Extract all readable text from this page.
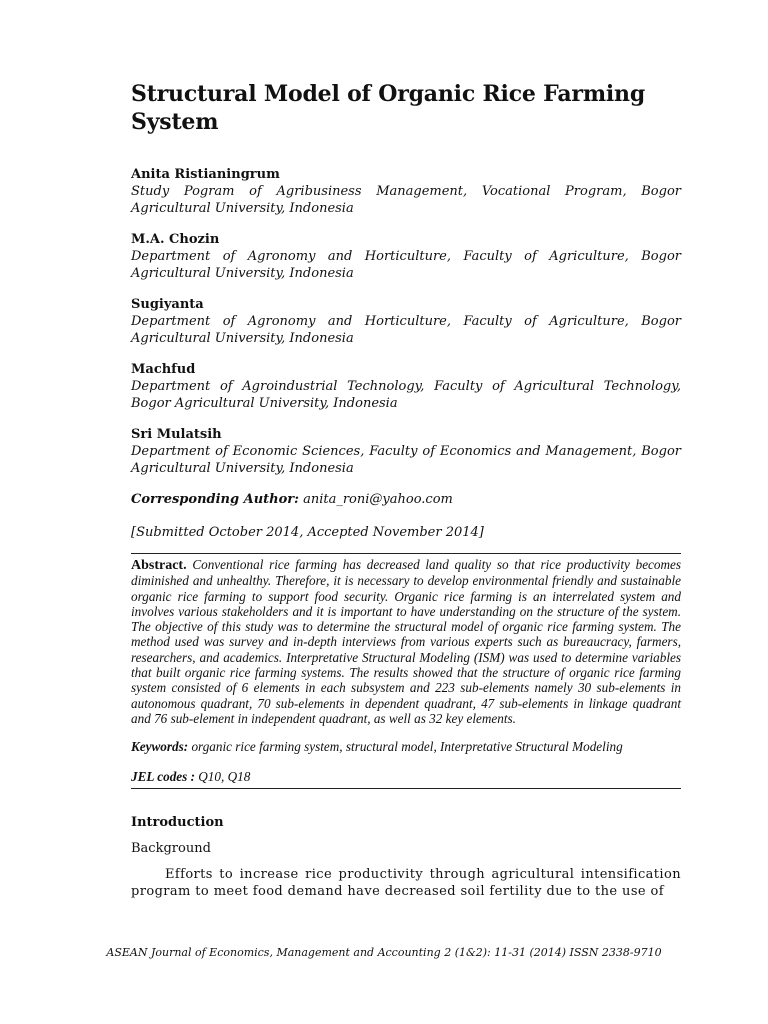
Structural Model of Organic Rice Farming System
Anita Ristianingrum
Study Pogram of Agribusiness Management, Vocational Program, Bogor Agricultural University, Indonesia
M.A. Chozin
Department of Agronomy and Horticulture, Faculty of Agriculture, Bogor Agricultural University, Indonesia
Sugiyanta
Department of Agronomy and Horticulture, Faculty of Agriculture, Bogor Agricultural University, Indonesia
Machfud
Department of Agroindustrial Technology, Faculty of Agricultural Technology, Bogor Agricultural University, Indonesia
Sri Mulatsih
Department of Economic Sciences, Faculty of Economics and Management, Bogor Agricultural University, Indonesia
Corresponding Author: anita_roni@yahoo.com
[Submitted October 2014, Accepted November 2014]
Abstract. Conventional rice farming has decreased land quality so that rice productivity becomes diminished and unhealthy. Therefore, it is necessary to develop environmental friendly and sustainable organic rice farming to support food security. Organic rice farming is an interrelated system and involves various stakeholders and it is important to have understanding on the structure of the system. The objective of this study was to determine the structural model of organic rice farming system. The method used was survey and in-depth interviews from various experts such as bureaucracy, farmers, researchers, and academics. Interpretative Structural Modeling (ISM) was used to determine variables that built organic rice farming systems. The results showed that the structure of organic rice farming system consisted of 6 elements in each subsystem and 223 sub-elements namely 30 sub-elements in autonomous quadrant, 70 sub-elements in dependent quadrant, 47 sub-elements in linkage quadrant and 76 sub-element in independent quadrant, as well as 32 key elements.
Keywords: organic rice farming system, structural model, Interpretative Structural Modeling
JEL codes : Q10, Q18
Introduction
Background
Efforts to increase rice productivity through agricultural intensification program to meet food demand have decreased soil fertility due to the use of
ASEAN Journal of Economics, Management and Accounting 2 (1&2): 11-31 (2014) ISSN 2338-9710
